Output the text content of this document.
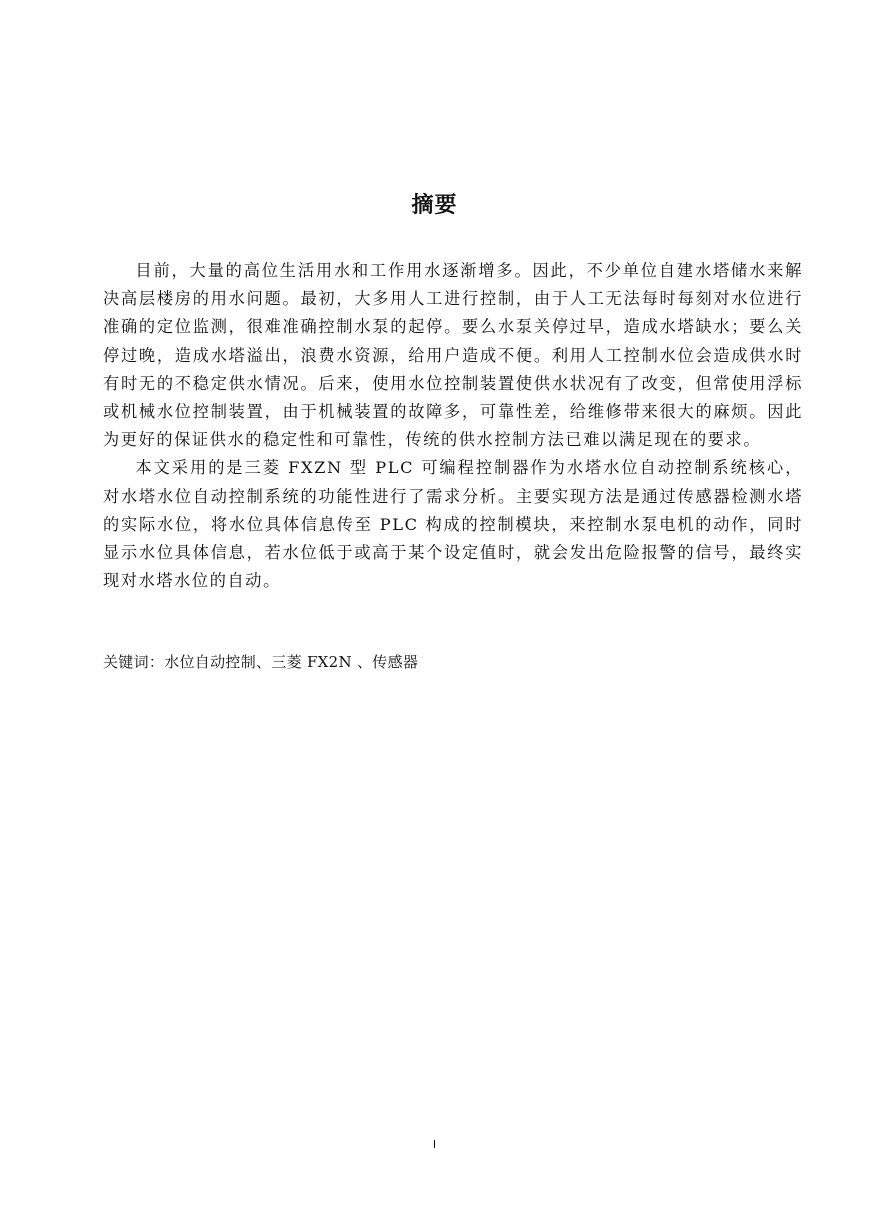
摘要

目前，大量的高位生活用水和工作用水逐渐增多。因此，不少单位自建水塔储水来解决高层楼房的用水问题。最初，大多用人工进行控制，由于人工无法每时每刻对水位进行准确的定位监测，很难准确控制水泵的起停。要么水泵关停过早，造成水塔缺水；要么关停过晚，造成水塔溢出，浪费水资源，给用户造成不便。利用人工控制水位会造成供水时有时无的不稳定供水情况。后来，使用水位控制装置使供水状况有了改变，但常使用浮标或机械水位控制装置，由于机械装置的故障多，可靠性差，给维修带来很大的麻烦。因此为更好的保证供水的稳定性和可靠性，传统的供水控制方法已难以满足现在的要求。

本文采用的是三菱 FXZN 型 PLC 可编程控制器作为水塔水位自动控制系统核心，对水塔水位自动控制系统的功能性进行了需求分析。主要实现方法是通过传感器检测水塔的实际水位，将水位具体信息传至 PLC 构成的控制模块，来控制水泵电机的动作，同时显示水位具体信息，若水位低于或高于某个设定值时，就会发出危险报警的信号，最终实现对水塔水位的自动。

关键词：水位自动控制、三菱 FX2N 、传感器
I
